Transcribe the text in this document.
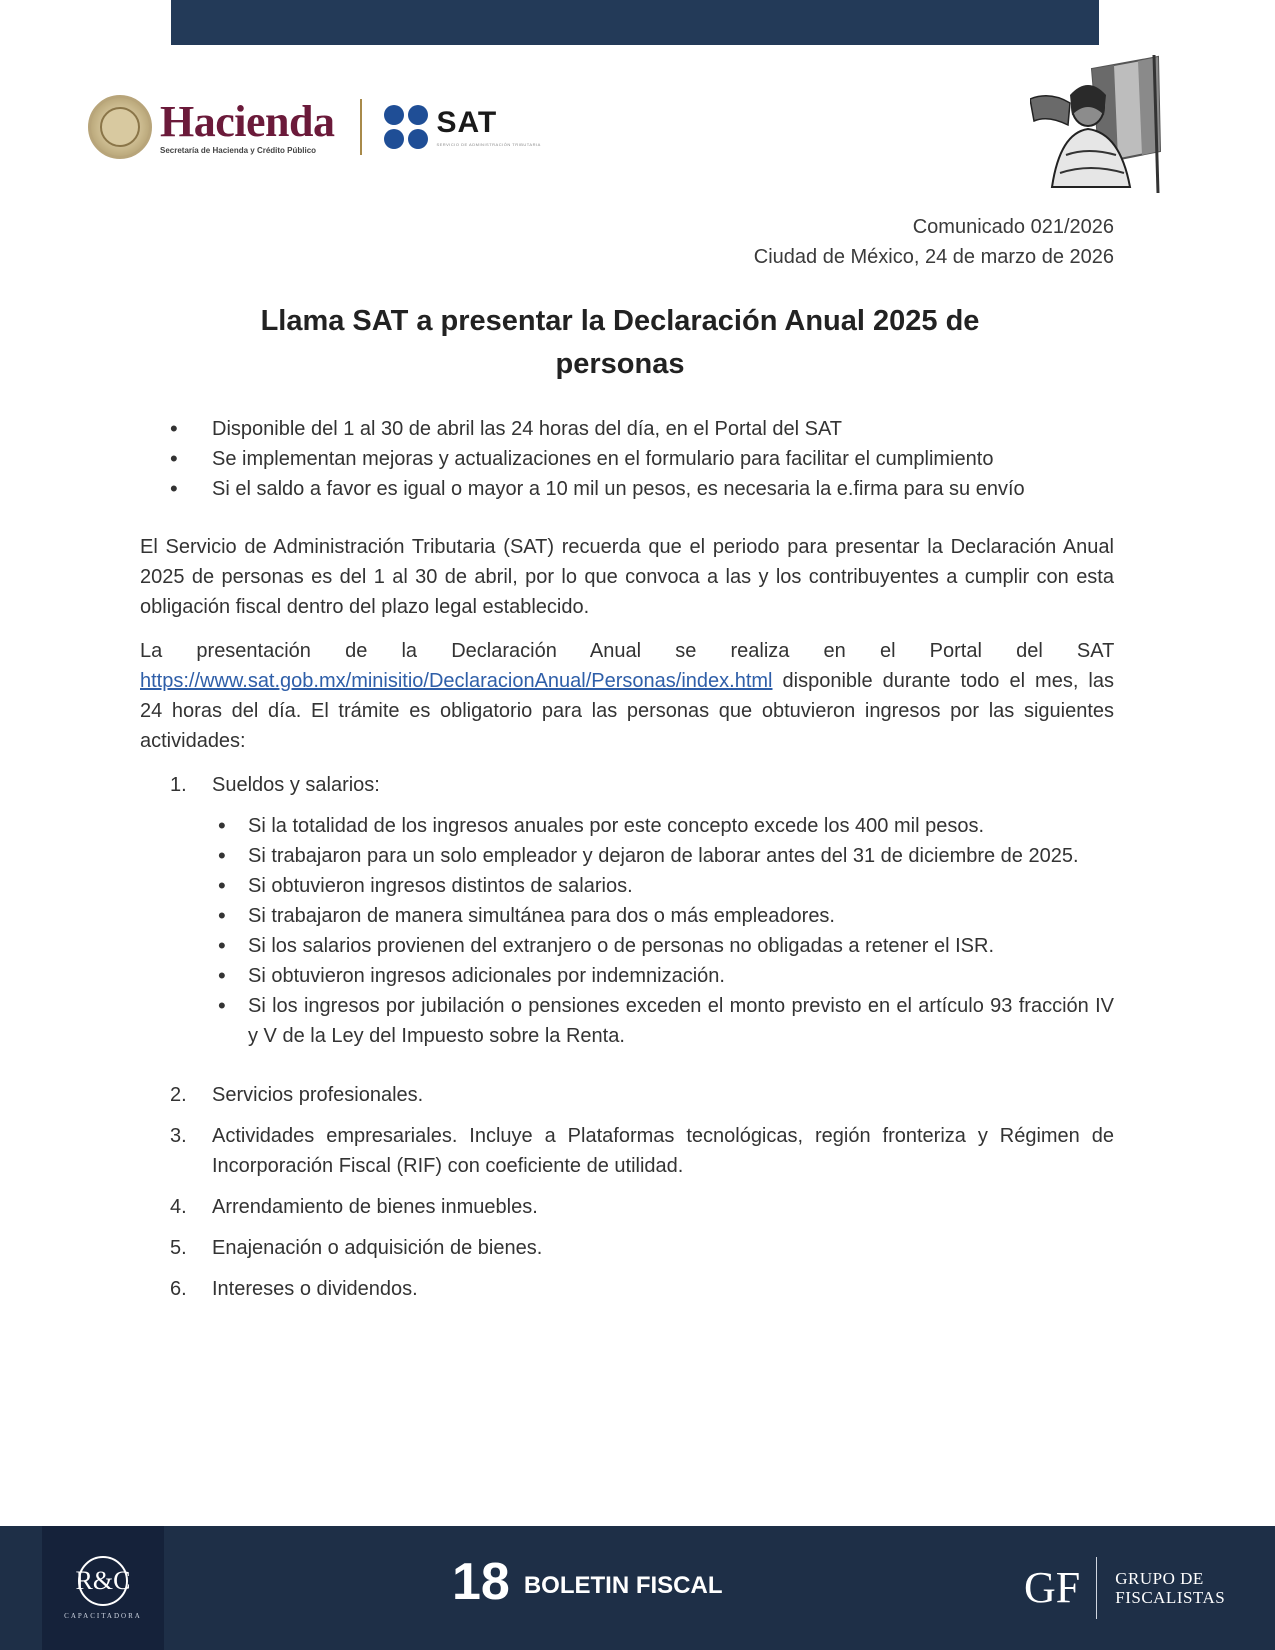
Hacienda
Secretaría de Hacienda y Crédito Público
SAT
SERVICIO DE ADMINISTRACIÓN TRIBUTARIA
Comunicado 021/2026
Ciudad de México, 24 de marzo de 2026
Llama SAT a presentar la Declaración Anual 2025 de personas
• Disponible del 1 al 30 de abril las 24 horas del día, en el Portal del SAT
• Se implementan mejoras y actualizaciones en el formulario para facilitar el cumplimiento
• Si el saldo a favor es igual o mayor a 10 mil un pesos, es necesaria la e.firma para su envío

El Servicio de Administración Tributaria (SAT) recuerda que el periodo para presentar la Declaración Anual 2025 de personas es del 1 al 30 de abril, por lo que convoca a las y los contribuyentes a cumplir con esta obligación fiscal dentro del plazo legal establecido.

La presentación de la Declaración Anual se realiza en el Portal del SAT https://www.sat.gob.mx/minisitio/DeclaracionAnual/Personas/index.html disponible durante todo el mes, las 24 horas del día. El trámite es obligatorio para las personas que obtuvieron ingresos por las siguientes actividades:

1. Sueldos y salarios:
• Si la totalidad de los ingresos anuales por este concepto excede los 400 mil pesos.
• Si trabajaron para un solo empleador y dejaron de laborar antes del 31 de diciembre de 2025.
• Si obtuvieron ingresos distintos de salarios.
• Si trabajaron de manera simultánea para dos o más empleadores.
• Si los salarios provienen del extranjero o de personas no obligadas a retener el ISR.
• Si obtuvieron ingresos adicionales por indemnización.
• Si los ingresos por jubilación o pensiones exceden el monto previsto en el artículo 93 fracción IV y V de la Ley del Impuesto sobre la Renta.
2. Servicios profesionales.
3. Actividades empresariales. Incluye a Plataformas tecnológicas, región fronteriza y Régimen de Incorporación Fiscal (RIF) con coeficiente de utilidad.
4. Arrendamiento de bienes inmuebles.
5. Enajenación o adquisición de bienes.
6. Intereses o dividendos.
R&C
CAPACITADORA
18 BOLETIN FISCAL	GF GRUPO DE
FISCALISTAS
